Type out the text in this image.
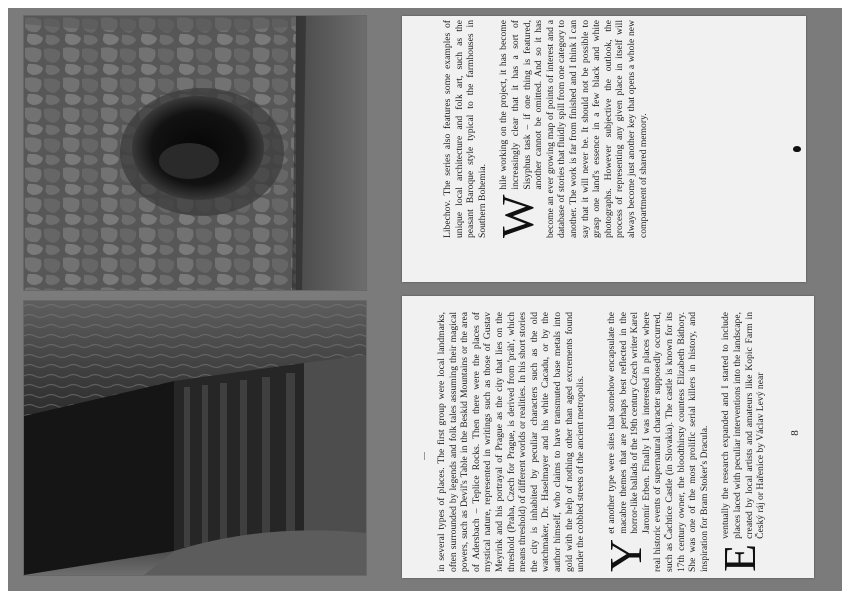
Libechov. The series also features some examples of unique local architecture and folk art, such as the peasant Baroque style typical to the farmhouses in Southern Bohemia. W
hile working on the project, it has become increasingly clear that it has a sort of Sisyphus task – if one thing is featured, another cannot be omitted. And so it has become an ever growing map of points of interest and a database of stories that fluidly spill from one category to another. The work is far from finished and I think I can say that it will never be. It should not be possible to grasp one land's essence in a few black and white photographs. However subjective the outlook, the process of representing any given place in itself will always become just another key that opens a whole new compartment of shared memory.

in several types of places. The first group were local landmarks, often surrounded by legends and folk tales assuming their magical powers, such as Devil's Table in the Beskid Mountains or the area of Adersbach – Teplice Rocks. Then there were the places of mystical nature, represented in writings such as those of Gustav Meyrink and his portrayal of Prague as the city that lies on the threshold (Praha, Czech for Prague, is derived from 'práh', which means threshold) of different worlds or realities. In his short stories the city is inhabited by peculiar characters such as the old watchmaker, Dr. Haselmayer and his white Cacadu, or by the author himself, who claims to have transmuted base metals into gold with the help of nothing other than aged excrements found under the cobbled streets of the ancient metropolis. Y
et another type were sites that somehow encapsulate the macabre themes that are perhaps best reflected in the horror-like ballads of the 19th century Czech writer Karel Jaromír Erben. Finally I was interested in places where real historic events of supernatural character supposedly occurred, such as Čachtice Castle (in Slovakia). The castle is known for its 17th century owner, the bloodthirsty countess Elizabeth Báthory. She was one of the most prolific serial killers in history, and inspiration for Bram Stoker's Dracula. E
ventually the research expanded and I started to include places laced with peculiar interventions into the landscape, created by local artists and amateurs like Kopic Farm in Český ráj or Hařenice by Václav Levý near 8
